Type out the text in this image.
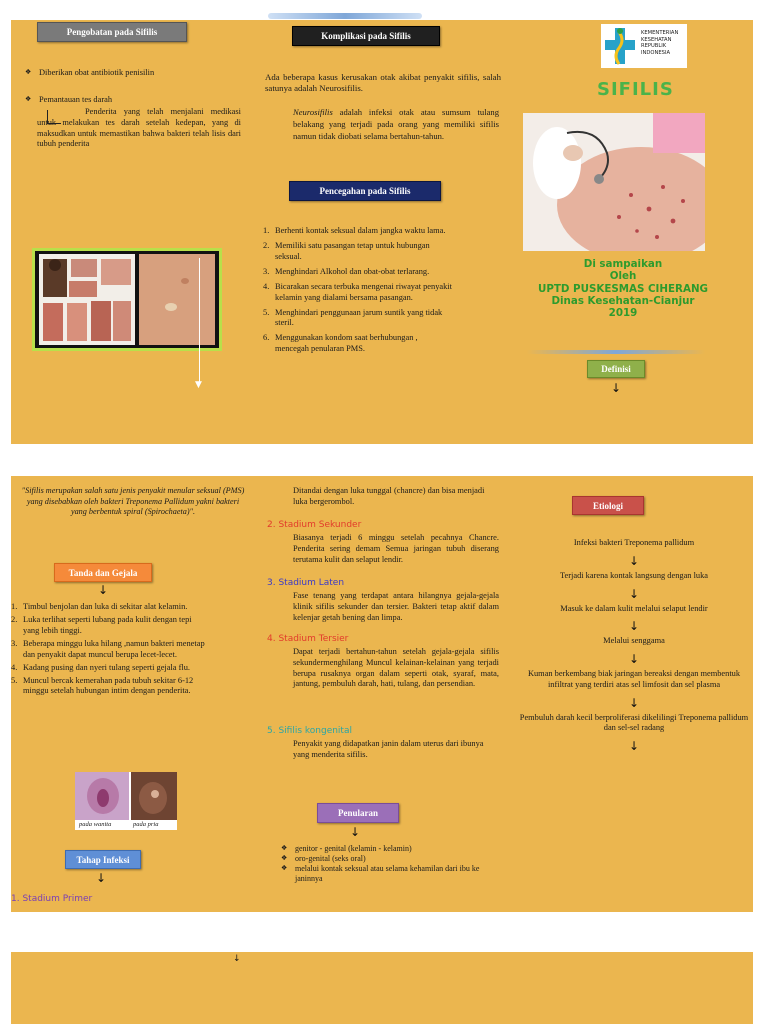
Pengobatan pada Sifilis
❖ Diberikan obat antibiotik penisilin
❖ Pemantauan tes darah
Penderita yang telah menjalani medikasi untuk melakukan tes darah setelah kedepan, yang di maksudkan untuk memastikan bahwa bakteri telah lisis dari tubuh penderita
▼
Komplikasi pada Sifilis
Ada beberapa kasus kerusakan otak akibat penyakit sifilis, salah satunya adalah Neurosifilis.
Neurosifilis adalah infeksi otak atau sumsum tulang belakang yang terjadi pada orang yang memiliki sifilis namun tidak diobati selama bertahun-tahun.
Pencegahan pada Sifilis
1. Berhenti kontak seksual dalam jangka waktu lama.
2. Memiliki satu pasangan tetap untuk hubungan seksual.
3. Menghindari Alkohol dan obat-obat terlarang.
4. Bicarakan secara terbuka mengenai riwayat penyakit kelamin yang dialami bersama pasangan.
5. Menghindari penggunaan jarum suntik yang tidak steril.
6. Menggunakan kondom saat berhubungan , mencegah penularan PMS.
KEMENTERIAN
KESEHATAN
REPUBLIK
INDONESIA
SIFILIS
Di sampaikan
Oleh
UPTD PUSKESMAS CIHERANG
Dinas Kesehatan-Cianjur
2019
Definisi
↓
"Sifilis merupakan salah satu jenis penyakit menular seksual (PMS) yang disebabkan oleh bakteri Treponema Pallidum yakni bakteri yang berbentuk spiral (Spirochaeta)".
Tanda dan Gejala
↓
1. Timbul benjolan dan luka di sekitar alat kelamin.
2. Luka terlihat seperti lubang pada kulit dengan tepi yang lebih tinggi.
3. Beberapa minggu luka hilang ,namun bakteri menetap dan penyakit dapat muncul berupa lecet-lecet.
4. Kadang pusing dan nyeri tulang seperti gejala flu.
5. Muncul bercak kemerahan pada tubuh sekitar 6-12 minggu setelah hubungan intim dengan penderita.
pada wanita	pada pria
Tahap Infeksi
↓
1. Stadium Primer
Ditandai dengan luka tunggal (chancre) dan bisa menjadi luka bergerombol.
2. Stadium Sekunder
Biasanya terjadi 6 minggu setelah pecahnya Chancre. Penderita sering demam Semua jaringan tubuh diserang terutama kulit dan selaput lendir.
3. Stadium Laten
Fase tenang yang terdapat antara hilangnya gejala-gejala klinik sifilis sekunder dan tersier. Bakteri tetap aktif dalam kelenjar getah bening dan limpa.
4. Stadium Tersier
Dapat terjadi bertahun-tahun setelah gejala-gejala sifilis sekundermenghilang Muncul kelainan-kelainan yang terjadi berupa rusaknya organ dalam seperti otak, syaraf, mata, jantung, pembuluh darah, hati, tulang, dan persendian.
5. Sifilis kongenital
Penyakit yang didapatkan janin dalam uterus dari ibunya yang menderita sifilis.
Penularan
↓
❖ genitor - genital (kelamin - kelamin)
❖ oro-genital (seks oral)
❖ melalui kontak seksual atau selama kehamilan dari ibu ke janinnya
Etiologi
Infeksi bakteri Treponema pallidum
↓
Terjadi karena kontak langsung dengan luka
↓
Masuk ke dalam kulit melalui selaput lendir
↓
Melalui senggama
↓
Kuman berkembang biak jaringan bereaksi dengan membentuk infiltrat yang terdiri atas sel limfosit dan sel plasma
↓
Pembuluh darah kecil berproliferasi dikelilingi Treponema pallidum dan sel-sel radang
↓
↓
